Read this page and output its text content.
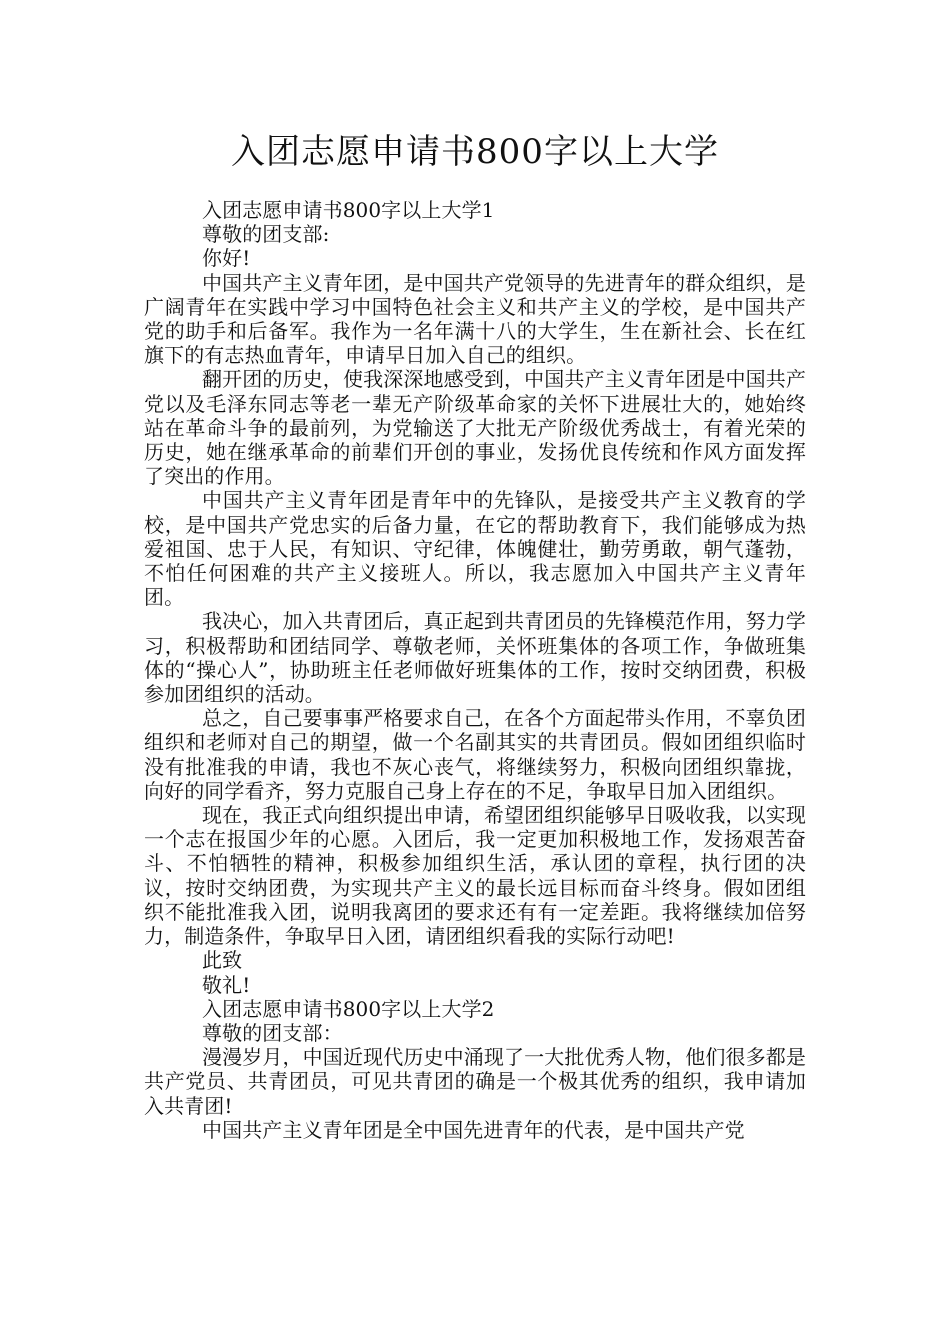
入团志愿申请书800字以上大学

入团志愿申请书800字以上大学1

尊敬的团支部:

你好!

中国共产主义青年团，是中国共产党领导的先进青年的群众组织，是广阔青年在实践中学习中国特色社会主义和共产主义的学校，是中国共产党的助手和后备军。我作为一名年满十八的大学生，生在新社会、长在红旗下的有志热血青年，申请早日加入自己的组织。

翻开团的历史，使我深深地感受到，中国共产主义青年团是中国共产党以及毛泽东同志等老一辈无产阶级革命家的关怀下进展壮大的，她始终站在革命斗争的最前列，为党输送了大批无产阶级优秀战士，有着光荣的历史，她在继承革命的前辈们开创的事业，发扬优良传统和作风方面发挥了突出的作用。

中国共产主义青年团是青年中的先锋队，是接受共产主义教育的学校，是中国共产党忠实的后备力量，在它的帮助教育下，我们能够成为热爱祖国、忠于人民，有知识、守纪律，体魄健壮，勤劳勇敢，朝气蓬勃，不怕任何困难的共产主义接班人。所以，我志愿加入中国共产主义青年团。

我决心，加入共青团后，真正起到共青团员的先锋模范作用，努力学习，积极帮助和团结同学、尊敬老师，关怀班集体的各项工作，争做班集体的“操心人”，协助班主任老师做好班集体的工作，按时交纳团费，积极参加团组织的活动。

总之，自己要事事严格要求自己，在各个方面起带头作用，不辜负团组织和老师对自己的期望，做一个名副其实的共青团员。假如团组织临时没有批准我的申请，我也不灰心丧气，将继续努力，积极向团组织靠拢，向好的同学看齐，努力克服自己身上存在的不足，争取早日加入团组织。

现在，我正式向组织提出申请，希望团组织能够早日吸收我，以实现一个志在报国少年的心愿。入团后，我一定更加积极地工作，发扬艰苦奋斗、不怕牺牲的精神，积极参加组织生活，承认团的章程，执行团的决议，按时交纳团费，为实现共产主义的最长远目标而奋斗终身。假如团组织不能批准我入团，说明我离团的要求还有有一定差距。我将继续加倍努力，制造条件，争取早日入团，请团组织看我的实际行动吧!

此致

敬礼!

入团志愿申请书800字以上大学2

尊敬的团支部：

漫漫岁月，中国近现代历史中涌现了一大批优秀人物，他们很多都是共产党员、共青团员，可见共青团的确是一个极其优秀的组织，我申请加入共青团!

中国共产主义青年团是全中国先进青年的代表，是中国共产党
